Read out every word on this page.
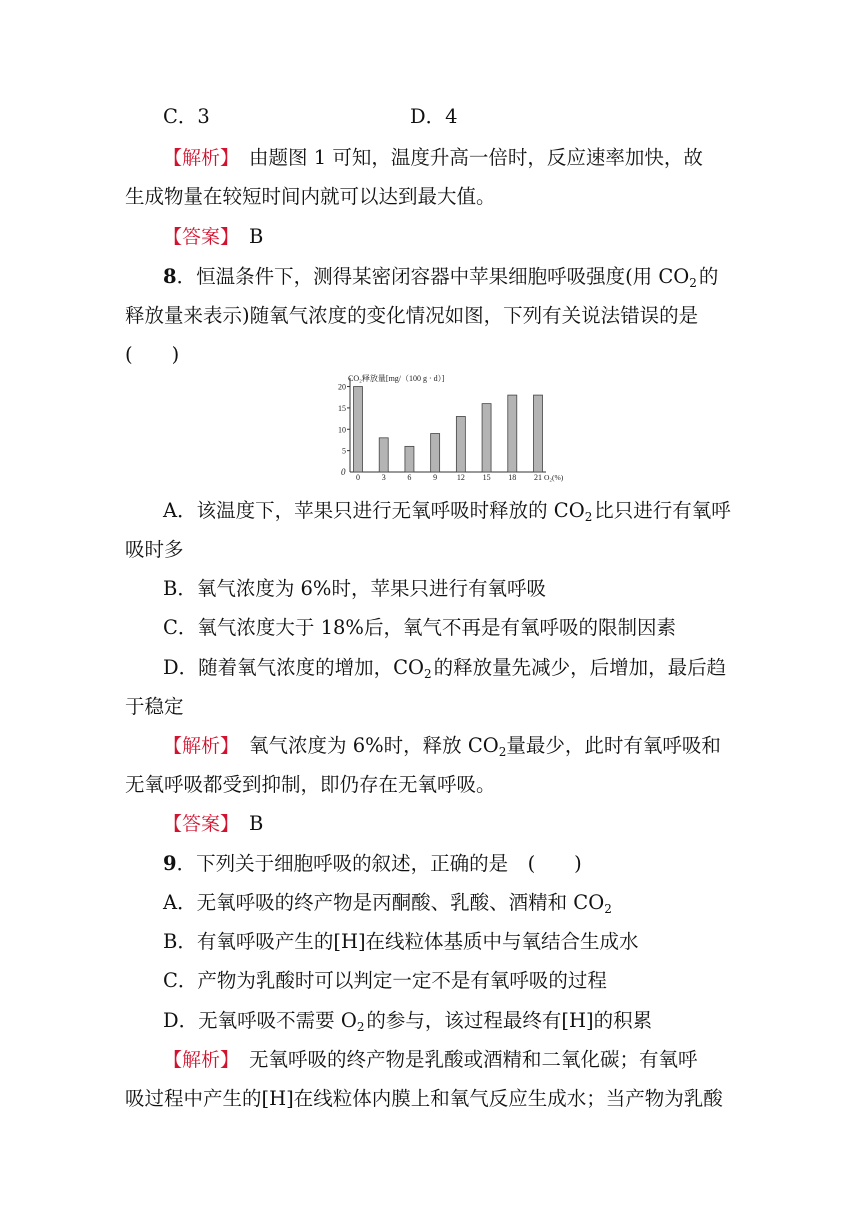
C．3	D．4
【解析】　 由题图 1 可知，温度升高一倍时，反应速率加快，故
生成物量在较短时间内就可以达到最大值。
【答案】　 B
8．恒温条件下，测得某密闭容器中苹果细胞呼吸强度(用 $CO_2$  的
释放量来表示)随氧气浓度的变化情况如图，下列有关说法错误的是
(　　)
CO₂释放量[mg/（100 g · d）]
O₂(%)
0
20
15
10
5
0	3	6	9 12 15 18 21
A．该温度下，苹果只进行无氧呼吸时释放的 $CO_2$  比只进行有氧呼
吸时多
B．氧气浓度为 6%时，苹果只进行有氧呼吸
C．氧气浓度大于 18%后，氧气不再是有氧呼吸的限制因素
D．随着氧气浓度的增加，$CO_2$  的释放量先减少，后增加，最后趋
于稳定
【解析】　 氧气浓度为 6%时，释放 $CO_2$量最少，此时有氧呼吸和
无氧呼吸都受到抑制，即仍存在无氧呼吸。
【答案】　 B
9．下列关于细胞呼吸的叙述，正确的是　(　　)
A．无氧呼吸的终产物是丙酮酸、乳酸、酒精和 $CO_2$
B．有氧呼吸产生的[H]在线粒体基质中与氧结合生成水
C．产物为乳酸时可以判定一定不是有氧呼吸的过程
D．无氧呼吸不需要 $O_2$  的参与，该过程最终有[H]的积累
【解析】　 无氧呼吸的终产物是乳酸或酒精和二氧化碳；有氧呼
吸过程中产生的[H]在线粒体内膜上和氧气反应生成水；当产物为乳酸
